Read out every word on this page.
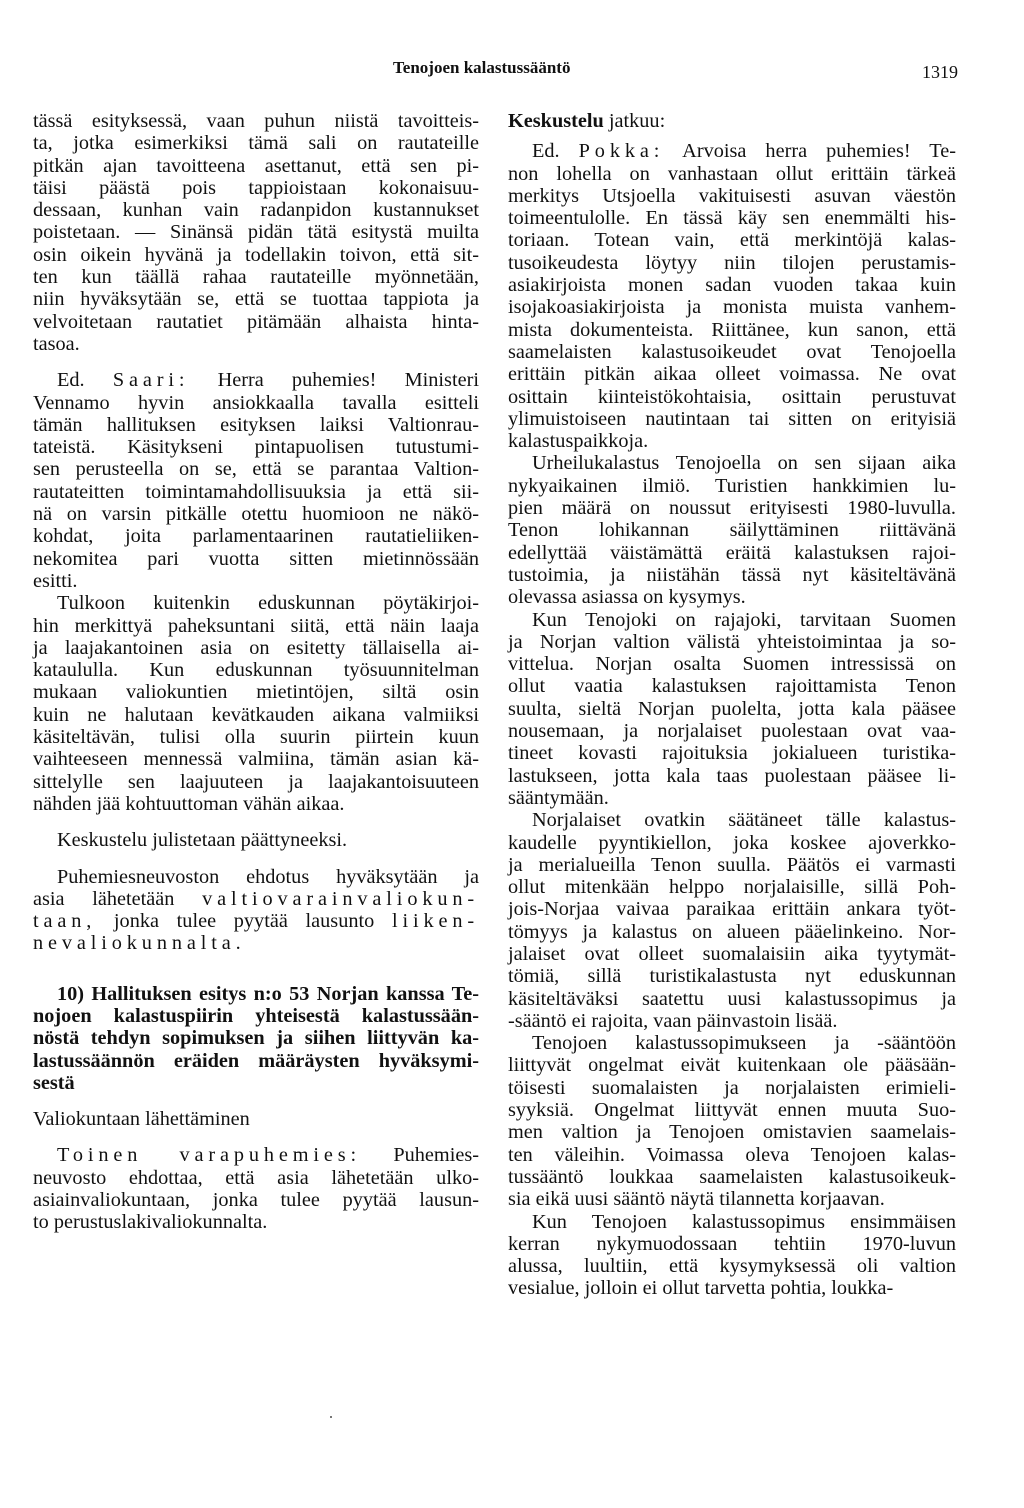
Tenojoen kalastussääntö	1319
tässä esityksessä, vaan puhun niistä tavoitteis-
ta, jotka esimerkiksi tämä sali on rautateille
pitkän ajan tavoitteena asettanut, että sen pi-
täisi päästä pois tappioistaan kokonaisuu-
dessaan, kunhan vain radanpidon kustannukset
poistetaan. — Sinänsä pidän tätä esitystä muilta
osin oikein hyvänä ja todellakin toivon, että sit-
ten kun täällä rahaa rautateille myönnetään,
niin hyväksytään se, että se tuottaa tappiota ja
velvoitetaan rautatiet pitämään alhaista hinta-
tasoa.
Ed. Saari: Herra puhemies! Ministeri
Vennamo hyvin ansiokkaalla tavalla esitteli
tämän hallituksen esityksen laiksi Valtionrau-
tateistä. Käsitykseni pintapuolisen tutustumi-
sen perusteella on se, että se parantaa Valtion-
rautateitten toimintamahdollisuuksia ja että sii-
nä on varsin pitkälle otettu huomioon ne näkö-
kohdat, joita parlamentaarinen rautatieliiken-
nekomitea pari vuotta sitten mietinnössään
esitti.
Tulkoon kuitenkin eduskunnan pöytäkirjoi-
hin merkittyä paheksuntani siitä, että näin laaja
ja laajakantoinen asia on esitetty tällaisella ai-
kataululla. Kun eduskunnan työsuunnitelman
mukaan valiokuntien mietintöjen, siltä osin
kuin ne halutaan kevätkauden aikana valmiiksi
käsiteltävän, tulisi olla suurin piirtein kuun
vaihteeseen mennessä valmiina, tämän asian kä-
sittelylle sen laajuuteen ja laajakantoisuuteen
nähden jää kohtuuttoman vähän aikaa.
Keskustelu julistetaan päättyneeksi.
Puhemiesneuvoston ehdotus hyväksytään ja
asia lähetetään valtiovarainvaliokun-
taan, jonka tulee pyytää lausunto liiken-
nevaliokunnalta.
10) Hallituksen esitys n:o 53 Norjan kanssa Te-
nojoen kalastuspiirin yhteisestä kalastussään-
nöstä tehdyn sopimuksen ja siihen liittyvän ka-
lastussäännön eräiden määräysten hyväksymi-
sestä
Valiokuntaan lähettäminen
Toinen varapuhemies: Puhemies-
neuvosto ehdottaa, että asia lähetetään ulko-
asiainvaliokuntaan, jonka tulee pyytää lausun-
to perustuslakivaliokunnalta.
Keskustelu jatkuu:
Ed. Pokka: Arvoisa herra puhemies! Te-
non lohella on vanhastaan ollut erittäin tärkeä
merkitys Utsjoella vakituisesti asuvan väestön
toimeentulolle. En tässä käy sen enemmälti his-
toriaan. Totean vain, että merkintöjä kalas-
tusoikeudesta löytyy niin tilojen perustamis-
asiakirjoista monen sadan vuoden takaa kuin
isojakoasiakirjoista ja monista muista vanhem-
mista dokumenteista. Riittänee, kun sanon, että
saamelaisten kalastusoikeudet ovat Tenojoella
erittäin pitkän aikaa olleet voimassa. Ne ovat
osittain kiinteistökohtaisia, osittain perustuvat
ylimuistoiseen nautintaan tai sitten on erityisiä
kalastuspaikkoja.
Urheilukalastus Tenojoella on sen sijaan aika
nykyaikainen ilmiö. Turistien hankkimien lu-
pien määrä on noussut erityisesti 1980-luvulla.
Tenon lohikannan säilyttäminen riittävänä
edellyttää väistämättä eräitä kalastuksen rajoi-
tustoimia, ja niistähän tässä nyt käsiteltävänä
olevassa asiassa on kysymys.
Kun Tenojoki on rajajoki, tarvitaan Suomen
ja Norjan valtion välistä yhteistoimintaa ja so-
vittelua. Norjan osalta Suomen intressissä on
ollut vaatia kalastuksen rajoittamista Tenon
suulta, sieltä Norjan puolelta, jotta kala pääsee
nousemaan, ja norjalaiset puolestaan ovat vaa-
tineet kovasti rajoituksia jokialueen turistika-
lastukseen, jotta kala taas puolestaan pääsee li-
sääntymään.
Norjalaiset ovatkin säätäneet tälle kalastus-
kaudelle pyyntikiellon, joka koskee ajoverkko-
ja merialueilla Tenon suulla. Päätös ei varmasti
ollut mitenkään helppo norjalaisille, sillä Poh-
jois-Norjaa vaivaa paraikaa erittäin ankara työt-
tömyys ja kalastus on alueen pääelinkeino. Nor-
jalaiset ovat olleet suomalaisiin aika tyytymät-
tömiä, sillä turistikalastusta nyt eduskunnan
käsiteltäväksi saatettu uusi kalastussopimus ja
-sääntö ei rajoita, vaan päinvastoin lisää.
Tenojoen kalastussopimukseen ja -sääntöön
liittyvät ongelmat eivät kuitenkaan ole pääsään-
töisesti suomalaisten ja norjalaisten erimieli-
syyksiä. Ongelmat liittyvät ennen muuta Suo-
men valtion ja Tenojoen omistavien saamelais-
ten väleihin. Voimassa oleva Tenojoen kalas-
tussääntö loukkaa saamelaisten kalastusoikeuk-
sia eikä uusi sääntö näytä tilannetta korjaavan.
Kun Tenojoen kalastussopimus ensimmäisen
kerran nykymuodossaan tehtiin 1970-luvun
alussa, luultiin, että kysymyksessä oli valtion
vesialue, jolloin ei ollut tarvetta pohtia, loukka-
